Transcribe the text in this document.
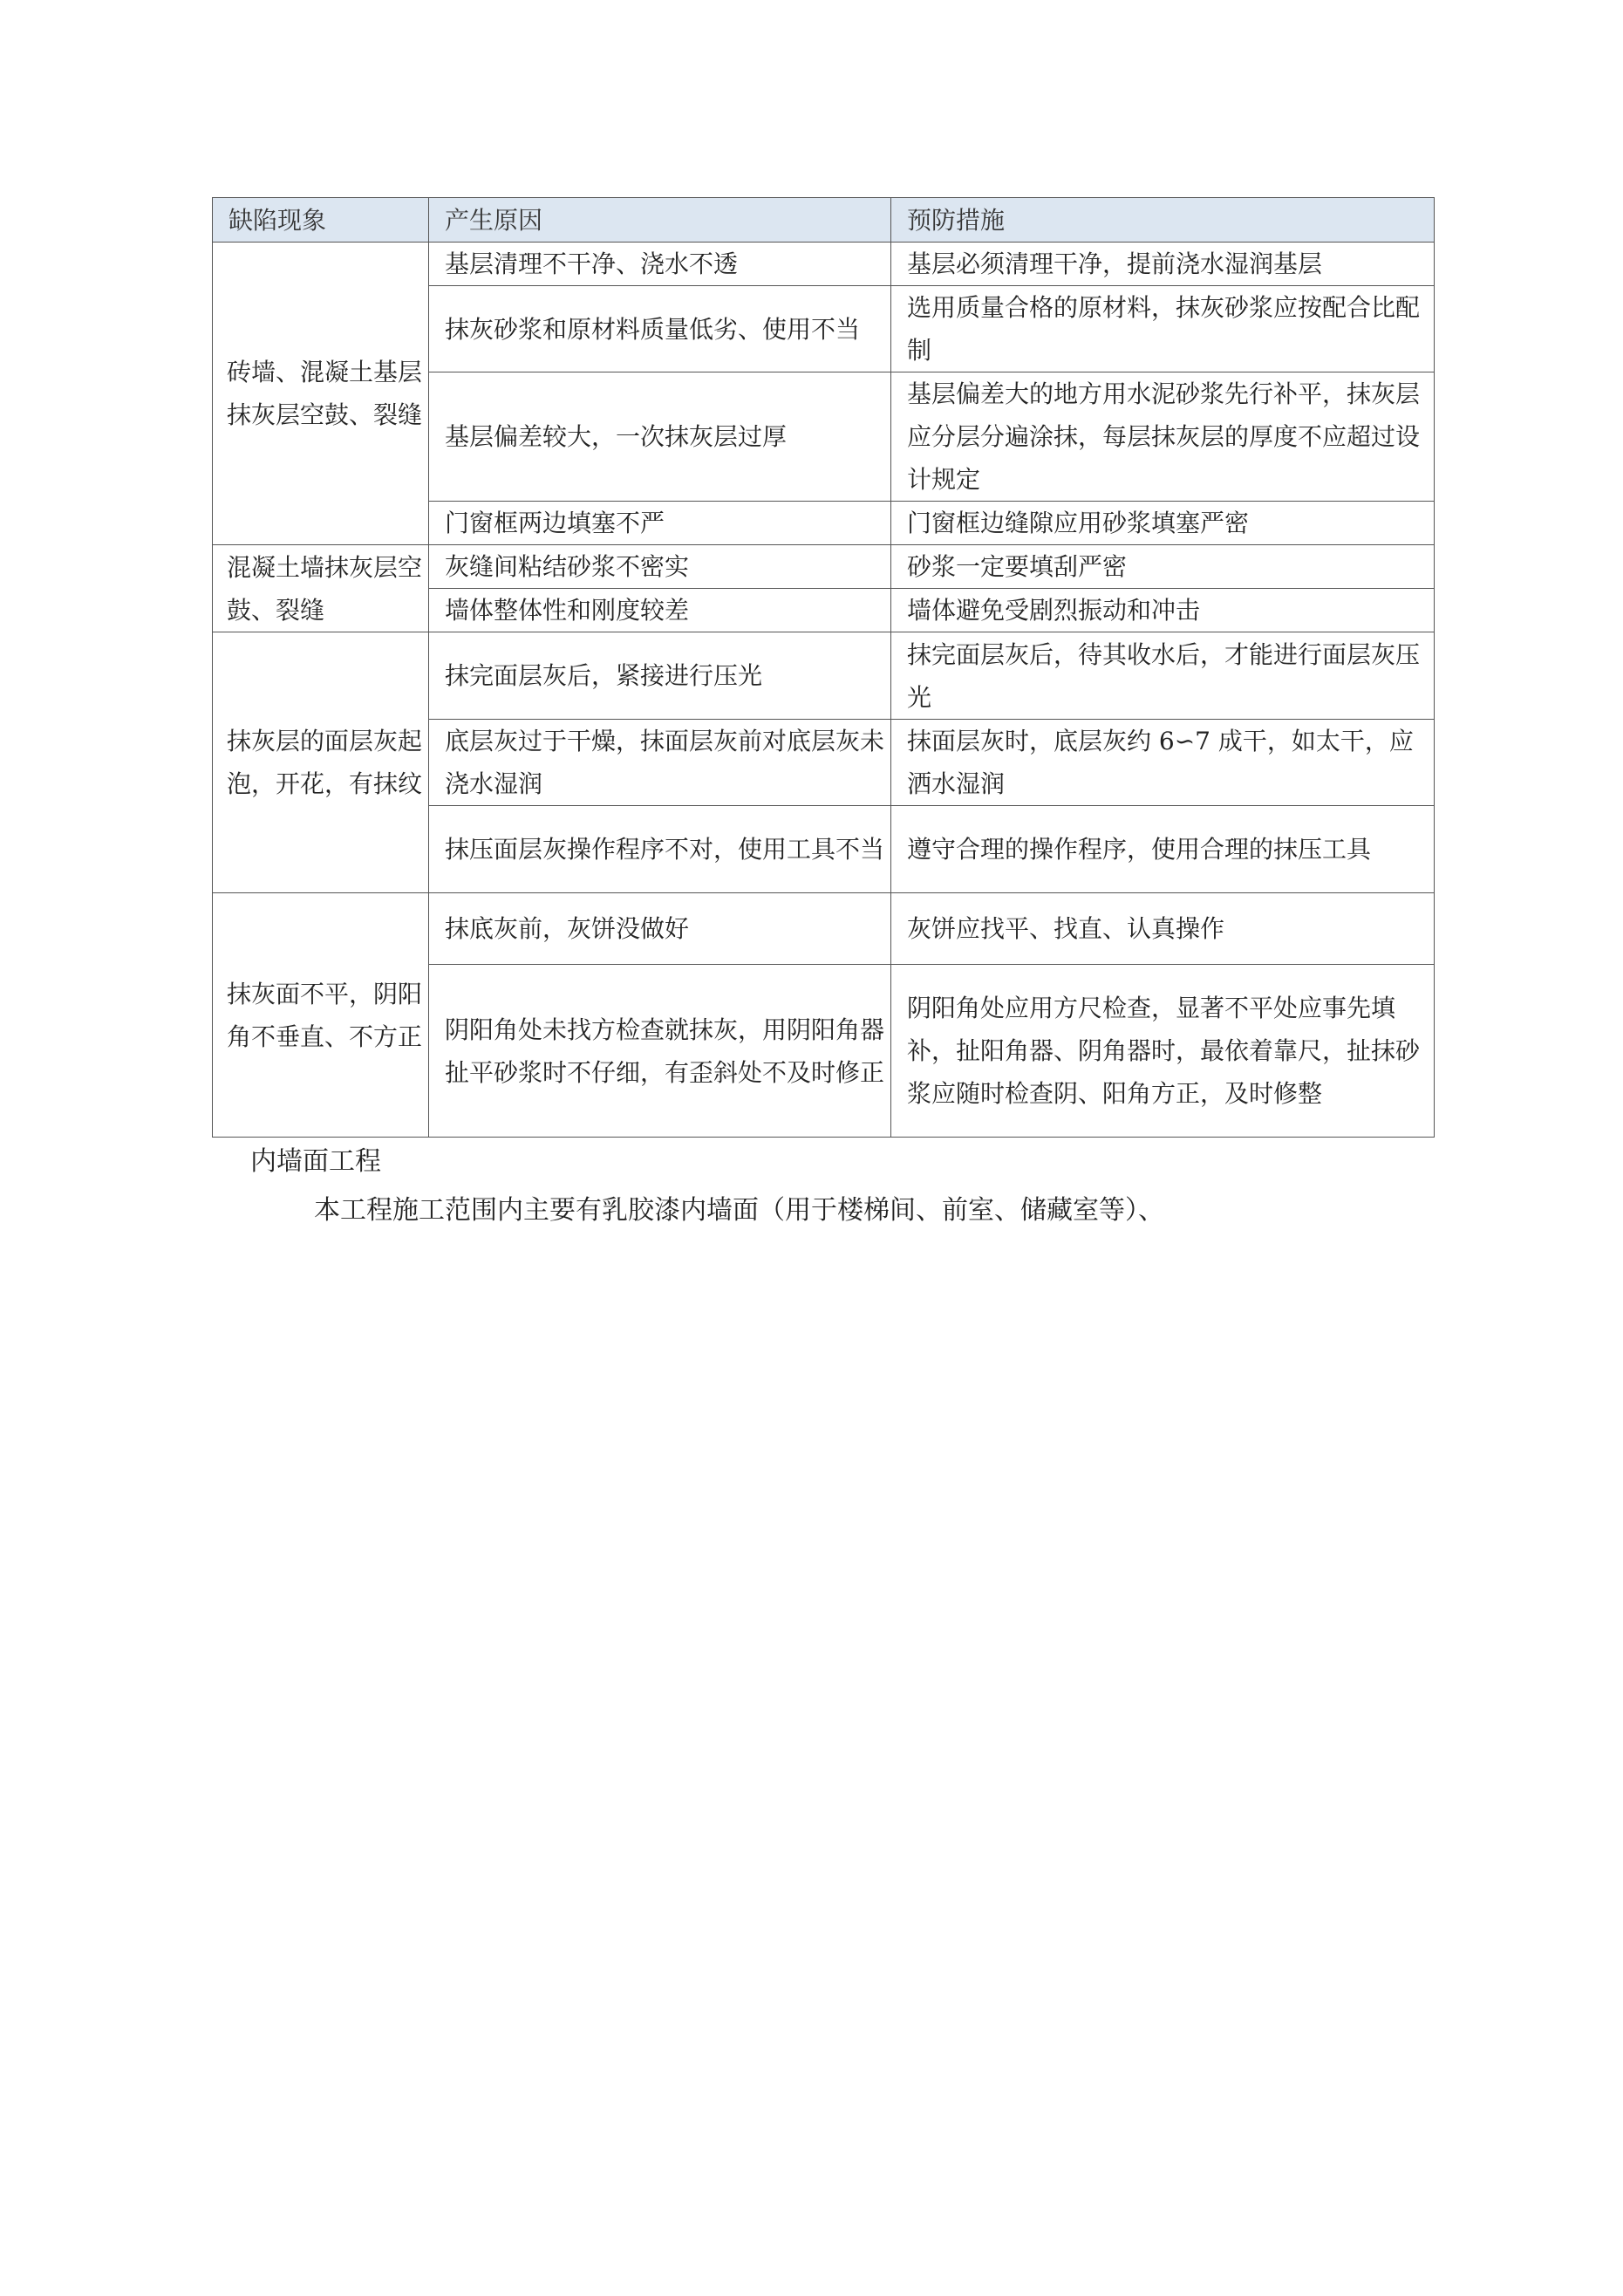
缺陷现象	产生原因	预防措施
砖墙、混凝土基层抹灰层空鼓、裂缝	基层清理不干净、浇水不透	基层必须清理干净，提前浇水湿润基层
	抹灰砂浆和原材料质量低劣、使用不当	选用质量合格的原材料，抹灰砂浆应按配合比配制
	基层偏差较大，一次抹灰层过厚	基层偏差大的地方用水泥砂浆先行补平，抹灰层应分层分遍涂抹，每层抹灰层的厚度不应超过设计规定
	门窗框两边填塞不严	门窗框边缝隙应用砂浆填塞严密
混凝土墙抹灰层空鼓、裂缝	灰缝间粘结砂浆不密实	砂浆一定要填刮严密
	墙体整体性和刚度较差	墙体避免受剧烈振动和冲击
抹灰层的面层灰起泡，开花，有抹纹	抹完面层灰后，紧接进行压光	抹完面层灰后，待其收水后，才能进行面层灰压光
	底层灰过于干燥，抹面层灰前对底层灰未浇水湿润	抹面层灰时，底层灰约 6∽7 成干，如太干，应洒水湿润
	抹压面层灰操作程序不对，使用工具不当	遵守合理的操作程序，使用合理的抹压工具
抹灰面不平，阴阳角不垂直、不方正	抹底灰前，灰饼没做好	灰饼应找平、找直、认真操作
	阴阳角处未找方检查就抹灰，用阴阳角器扯平砂浆时不仔细，有歪斜处不及时修正	阴阳角处应用方尺检查，显著不平处应事先填补，扯阳角器、阴角器时，最依着靠尺，扯抹砂浆应随时检查阴、阳角方正，及时修整

内墙面工程

本工程施工范围内主要有乳胶漆内墙面（用于楼梯间、前室、储藏室等）、
